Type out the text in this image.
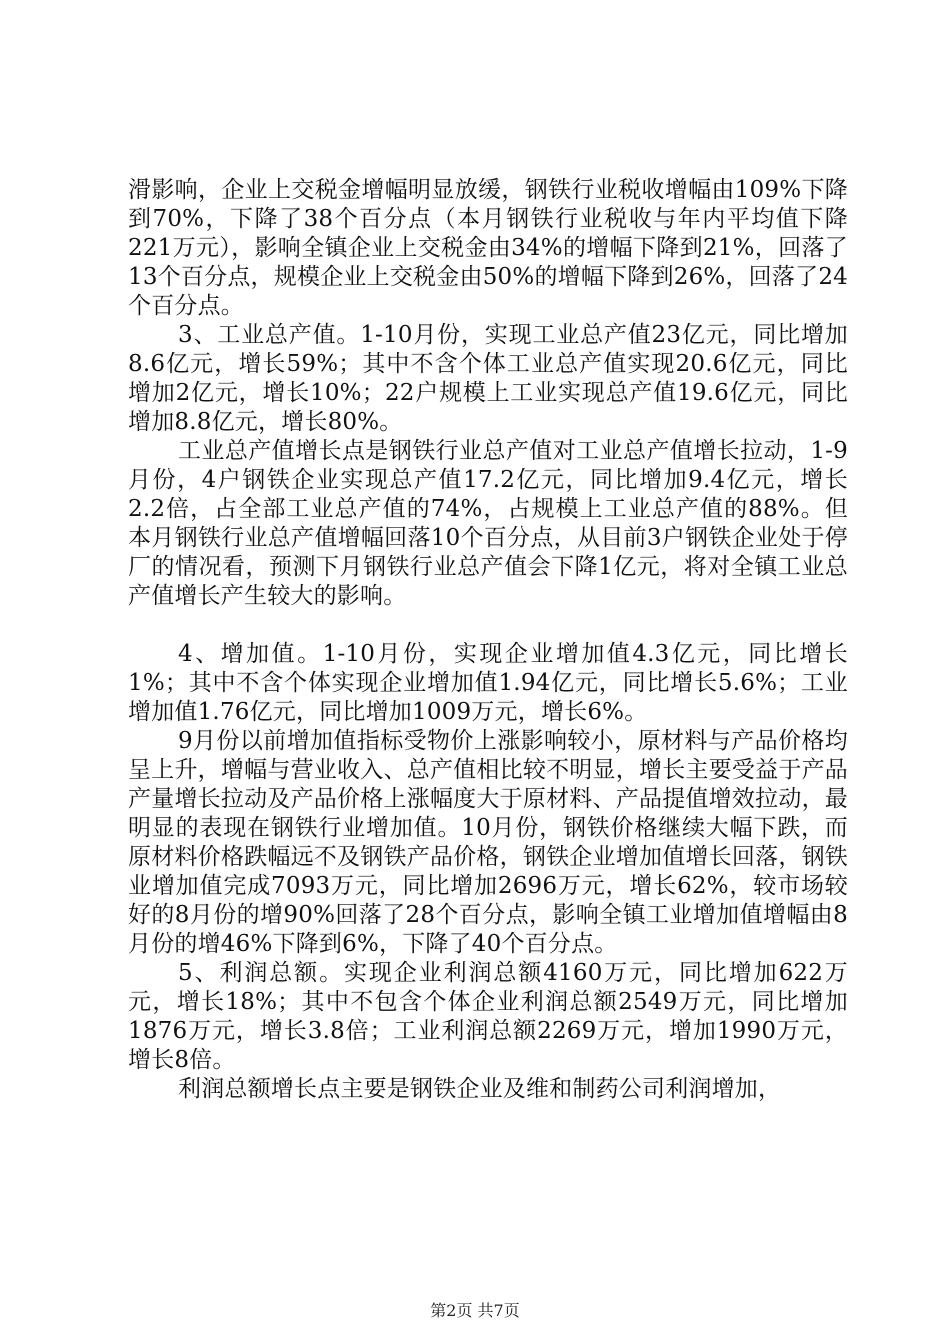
滑影响，企业上交税金增幅明显放缓，钢铁行业税收增幅由109%下降到70%，下降了38个百分点（本月钢铁行业税收与年内平均值下降221万元），影响全镇企业上交税金由34%的增幅下降到21%，回落了13个百分点，规模企业上交税金由50%的增幅下降到26%，回落了24个百分点。

3、工业总产值。1-10月份，实现工业总产值23亿元，同比增加8.6亿元，增长59%；其中不含个体工业总产值实现20.6亿元，同比增加2亿元，增长10%；22户规模上工业实现总产值19.6亿元，同比增加8.8亿元，增长80%。

工业总产值增长点是钢铁行业总产值对工业总产值增长拉动，1-9月份，4户钢铁企业实现总产值17.2亿元，同比增加9.4亿元，增长2.2倍，占全部工业总产值的74%，占规模上工业总产值的88%。但本月钢铁行业总产值增幅回落10个百分点，从目前3户钢铁企业处于停厂的情况看，预测下月钢铁行业总产值会下降1亿元，将对全镇工业总产值增长产生较大的影响。

4、增加值。1-10月份，实现企业增加值4.3亿元，同比增长1%；其中不含个体实现企业增加值1.94亿元，同比增长5.6%；工业增加值1.76亿元，同比增加1009万元，增长6%。

9月份以前增加值指标受物价上涨影响较小，原材料与产品价格均呈上升，增幅与营业收入、总产值相比较不明显，增长主要受益于产品产量增长拉动及产品价格上涨幅度大于原材料、产品提值增效拉动，最明显的表现在钢铁行业增加值。10月份，钢铁价格继续大幅下跌，而原材料价格跌幅远不及钢铁产品价格，钢铁企业增加值增长回落，钢铁业增加值完成7093万元，同比增加2696万元，增长62%，较市场较好的8月份的增90%回落了28个百分点，影响全镇工业增加值增幅由8月份的增46%下降到6%，下降了40个百分点。

5、利润总额。实现企业利润总额4160万元，同比增加622万元，增长18%；其中不包含个体企业利润总额2549万元，同比增加1876万元，增长3.8倍；工业利润总额2269万元，增加1990万元，增长8倍。

利润总额增长点主要是钢铁企业及维和制药公司利润增加，

第2页 共7页
